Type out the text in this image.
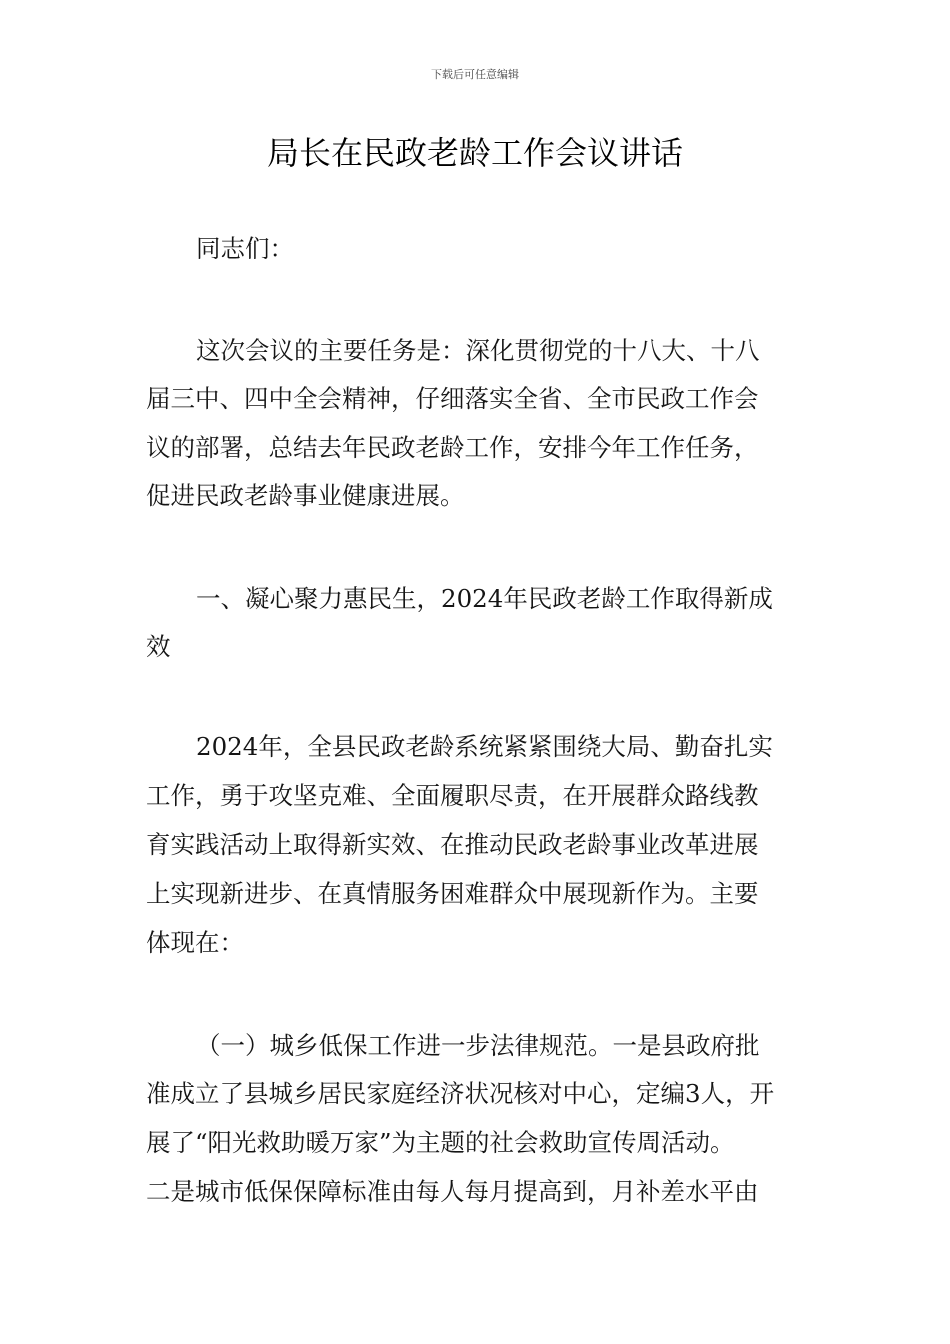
下载后可任意编辑
局长在民政老龄工作会议讲话
同志们：
这次会议的主要任务是：深化贯彻党的十八大、十八
届三中、四中全会精神，仔细落实全省、全市民政工作会
议的部署，总结去年民政老龄工作，安排今年工作任务，
促进民政老龄事业健康进展。
一、凝心聚力惠民生，2024年民政老龄工作取得新成
效
2024年，全县民政老龄系统紧紧围绕大局、勤奋扎实
工作，勇于攻坚克难、全面履职尽责，在开展群众路线教
育实践活动上取得新实效、在推动民政老龄事业改革进展
上实现新进步、在真情服务困难群众中展现新作为。主要
体现在：
（一）城乡低保工作进一步法律规范。一是县政府批
准成立了县城乡居民家庭经济状况核对中心，定编3人，开
展了“阳光救助暖万家”为主题的社会救助宣传周活动。
二是城市低保保障标准由每人每月提高到，月补差水平由
